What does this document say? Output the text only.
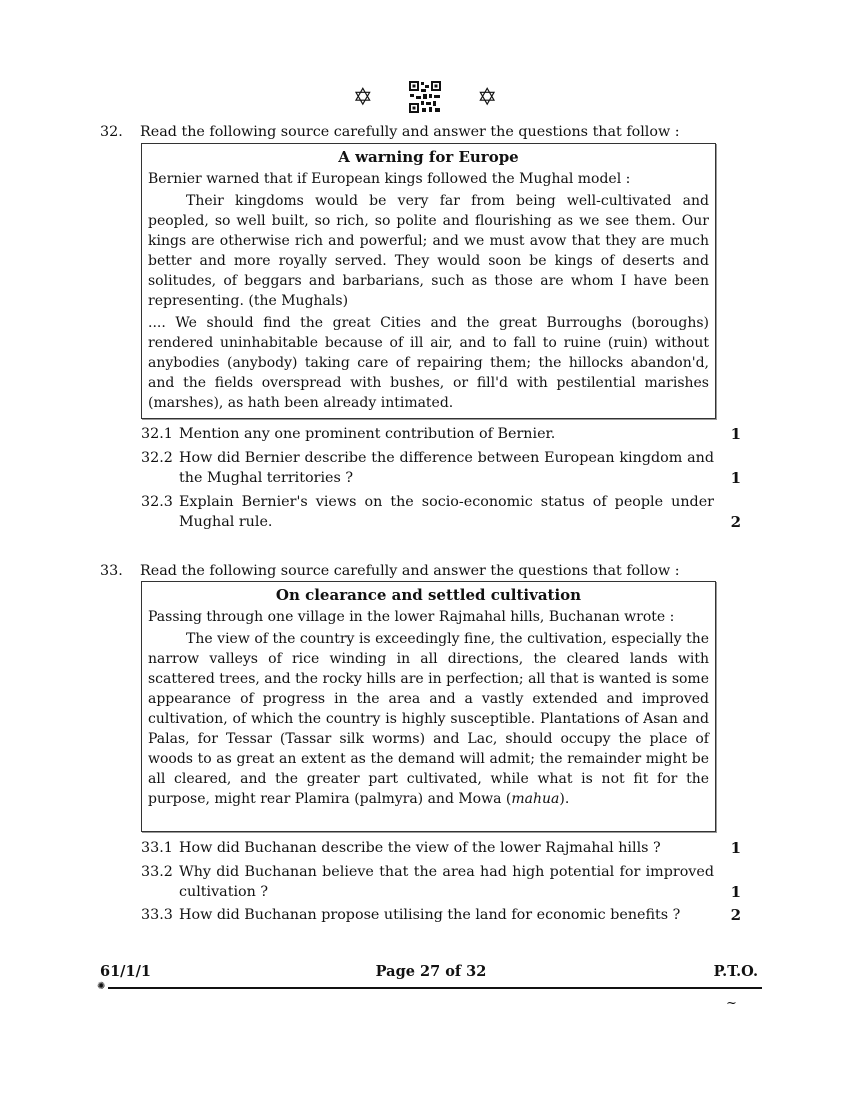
✡	✡
32. Read the following source carefully and answer the questions that follow :
A warning for Europe
Bernier warned that if European kings followed the Mughal model :
Their kingdoms would be very far from being well-cultivated and peopled, so well built, so rich, so polite and flourishing as we see them. Our kings are otherwise rich and powerful; and we must avow that they are much better and more royally served. They would soon be kings of deserts and solitudes, of beggars and barbarians, such as those are whom I have been representing. (the Mughals)
.... We should find the great Cities and the great Burroughs (boroughs) rendered uninhabitable because of ill air, and to fall to ruine (ruin) without anybodies (anybody) taking care of repairing them; the hillocks abandon'd, and the fields overspread with bushes, or fill'd with pestilential marishes (marshes), as hath been already intimated.
32.1 Mention any one prominent contribution of Bernier.	1
32.2 How did Bernier describe the difference between European kingdom and the Mughal territories ?	1
32.3 Explain Bernier's views on the socio-economic status of people under Mughal rule.	2
33. Read the following source carefully and answer the questions that follow :
On clearance and settled cultivation
Passing through one village in the lower Rajmahal hills, Buchanan wrote :
The view of the country is exceedingly fine, the cultivation, especially the narrow valleys of rice winding in all directions, the cleared lands with scattered trees, and the rocky hills are in perfection; all that is wanted is some appearance of progress in the area and a vastly extended and improved cultivation, of which the country is highly susceptible. Plantations of Asan and Palas, for Tessar (Tassar silk worms) and Lac, should occupy the place of woods to as great an extent as the demand will admit; the remainder might be all cleared, and the greater part cultivated, while what is not fit for the purpose, might rear Plamira (palmyra) and Mowa (mahua).
33.1 How did Buchanan describe the view of the lower Rajmahal hills ?	1
33.2 Why did Buchanan believe that the area had high potential for improved cultivation ?	1
33.3 How did Buchanan propose utilising the land for economic benefits ?	2
61/1/1	Page 27 of 32	P.T.O.
✺
~
